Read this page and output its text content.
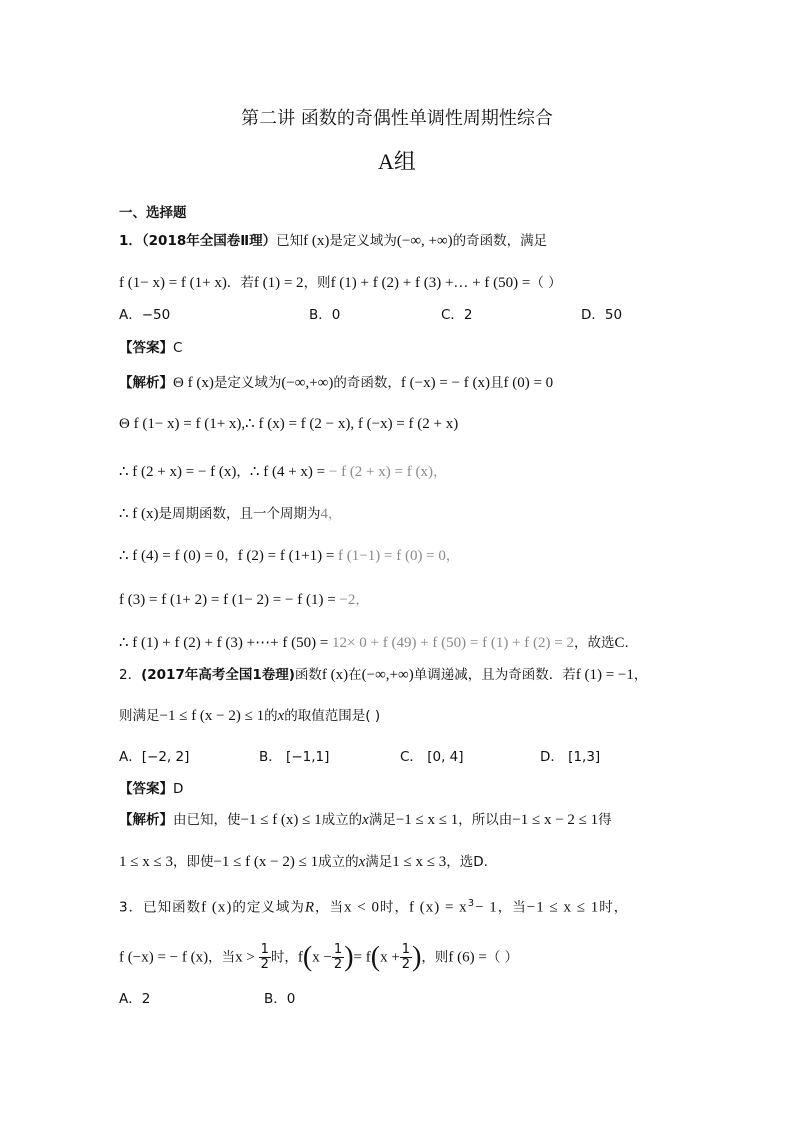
第二讲 函数的奇偶性单调性周期性综合
A组
一、选择题
1．（2018年全国卷Ⅱ理）已知f (x)是定义域为(−∞, +∞)的奇函数，满足
f (1− x) = f (1+ x)．若f (1) = 2，则f (1) + f (2) + f (3) +… + f (50) =（ ）
A．−50	B．0	C．2	D．50
【答案】C
【解析】Θ f (x)是定义域为(−∞,+∞)的奇函数，f (−x) = − f (x)且f (0) = 0
Θ f (1− x) = f (1+ x),∴ f (x) = f (2 − x), f (−x) = f (2 + x)
∴ f (2 + x) = − f (x)，∴ f (4 + x) = − f (2 + x) = f (x)，
∴ f (x)是周期函数，且一个周期为4，
∴ f (4) = f (0) = 0，f (2) = f (1+1) = f (1−1) = f (0) = 0，
f (3) = f (1+ 2) = f (1− 2) = − f (1) = −2，
∴ f (1) + f (2) + f (3) +⋯+ f (50) = 12× 0 + f (49) + f (50) = f (1) + f (2) = 2，故选C．
2．(2017年高考全国1卷理)函数f (x)在(−∞,+∞)单调递减，且为奇函数．若f (1) = −1，
则满足−1 ≤ f (x − 2) ≤ 1的x的取值范围是( )
A．[−2, 2]	B． [−1,1]	C． [0, 4]	D． [1,3]
【答案】D
【解析】由已知，使−1 ≤ f (x) ≤ 1成立的x满足−1 ≤ x ≤ 1，所以由−1 ≤ x − 2 ≤ 1得
1 ≤ x ≤ 3，即使−1 ≤ f (x − 2) ≤ 1成立的x满足1 ≤ x ≤ 3，选D.
3．已知函数f (x)的定义域为R，当x < 0时，f $(x) = x^3- 1$，当−1 ≤ x ≤ 1时，
f (−x) = − f (x)，当$x > \frac{1}{2}$ 时，$f(x - \frac{1}{2}$ )= $f(x + \frac{1}{2}$ )，则f (6) =（ ）
A．2	B．0
